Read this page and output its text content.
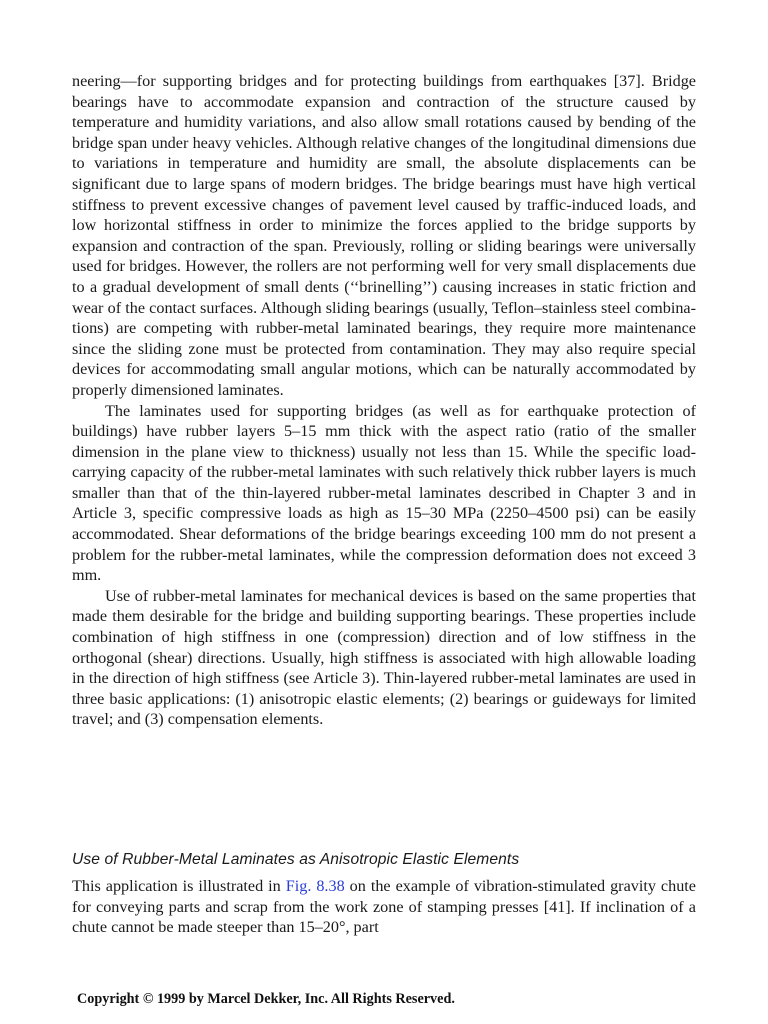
neering—for supporting bridges and for protecting buildings from earthquakes [37]. Bridge bearings have to accommodate expansion and contraction of the structure caused by temperature and humidity variations, and also allow small rotations caused by bending of the bridge span under heavy vehicles. Although relative changes of the longitudinal dimensions due to variations in temperature and humidity are small, the absolute displacements can be significant due to large spans of modern bridges. The bridge bearings must have high vertical stiffness to prevent excessive changes of pavement level caused by traffic-induced loads, and low horizontal stiffness in order to minimize the forces applied to the bridge supports by expansion and contraction of the span. Previously, rolling or sliding bearings were universally used for bridges. However, the rollers are not performing well for very small displacements due to a gradual development of small dents (‘‘brinelling’’) causing increases in static friction and wear of the contact surfaces. Although sliding bearings (usually, Teflon–stainless steel combinations) are competing with rubber-metal laminated bearings, they require more maintenance since the sliding zone must be protected from contamination. They may also require special devices for accommodating small angular motions, which can be naturally accommodated by properly dimensioned laminates.

The laminates used for supporting bridges (as well as for earthquake protection of buildings) have rubber layers 5–15 mm thick with the aspect ratio (ratio of the smaller dimension in the plane view to thickness) usually not less than 15. While the specific load-carrying capacity of the rubber-metal laminates with such relatively thick rubber layers is much smaller than that of the thin-layered rubber-metal laminates described in Chapter 3 and in Article 3, specific compressive loads as high as 15–30 MPa (2250–4500 psi) can be easily accommodated. Shear deformations of the bridge bearings exceeding 100 mm do not present a problem for the rubber-metal laminates, while the compression deformation does not exceed 3 mm.

Use of rubber-metal laminates for mechanical devices is based on the same properties that made them desirable for the bridge and building supporting bearings. These properties include combination of high stiffness in one (compression) direction and of low stiffness in the orthogonal (shear) directions. Usually, high stiffness is associated with high allowable loading in the direction of high stiffness (see Article 3). Thin-layered rubber-metal laminates are used in three basic applications: (1) anisotropic elastic elements; (2) bearings or guideways for limited travel; and (3) compensation elements.

Use of Rubber-Metal Laminates as Anisotropic Elastic Elements

This application is illustrated in Fig. 8.38 on the example of vibration-stimulated gravity chute for conveying parts and scrap from the work zone of stamping presses [41]. If inclination of a chute cannot be made steeper than 15–20°, part

Copyright © 1999 by Marcel Dekker, Inc. All Rights Reserved.
